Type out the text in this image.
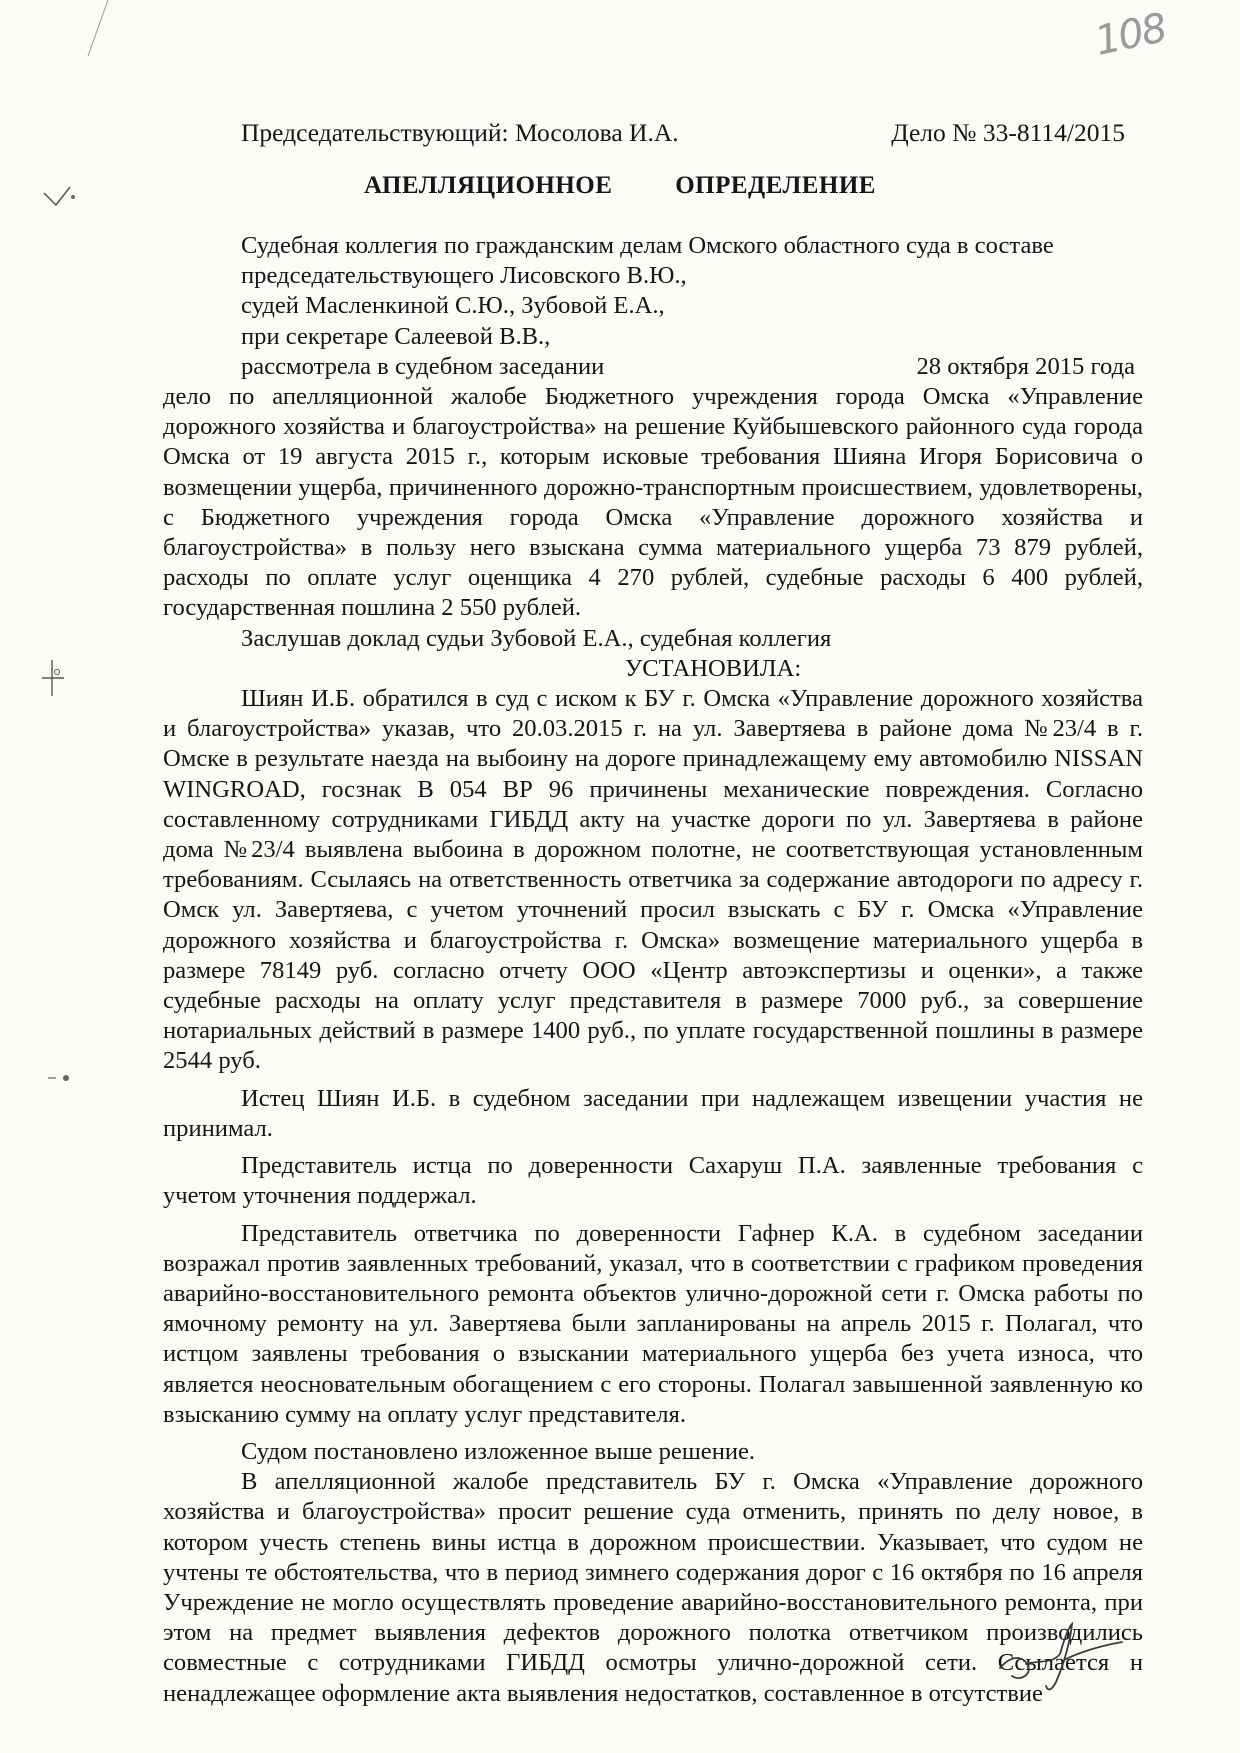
108
Председательствующий: Мосолова И.А.	Дело № 33-8114/2015
АПЕЛЛЯЦИОННОЕ	ОПРЕДЕЛЕНИЕ

Судебная коллегия по гражданским делам Омского областного суда в составе

председательствующего Лисовского В.Ю.,

судей Масленкиной С.Ю., Зубовой Е.А.,

при секретаре Салеевой В.В.,

рассмотрела в судебном заседании	28 октября 2015 года

дело по апелляционной жалобе Бюджетного учреждения города Омска «Управление дорожного хозяйства и благоустройства» на решение Куйбышевского районного суда города Омска от 19 августа 2015 г., которым исковые требования Шияна Игоря Борисовича о возмещении ущерба, причиненного дорожно-транспортным происшествием, удовлетворены, с Бюджетного учреждения города Омска «Управление дорожного хозяйства и благоустройства» в пользу него взыскана сумма материального ущерба 73 879 рублей, расходы по оплате услуг оценщика 4 270 рублей, судебные расходы 6 400 рублей, государственная пошлина 2 550 рублей.

Заслушав доклад судьи Зубовой Е.А., судебная коллегия

УСТАНОВИЛА:

Шиян И.Б. обратился в суд с иском к БУ г. Омска «Управление дорожного хозяйства и благоустройства» указав, что 20.03.2015 г. на ул. Завертяева в районе дома №23/4 в г. Омске в результате наезда на выбоину на дороге принадлежащему ему автомобилю NISSAN WINGROAD, госзнак В 054 ВР 96 причинены механические повреждения. Согласно составленному сотрудниками ГИБДД акту на участке дороги по ул. Завертяева в районе дома №23/4 выявлена выбоина в дорожном полотне, не соответствующая установленным требованиям. Ссылаясь на ответственность ответчика за содержание автодороги по адресу г. Омск ул. Завертяева, с учетом уточнений просил взыскать с БУ г. Омска «Управление дорожного хозяйства и благоустройства г. Омска» возмещение материального ущерба в размере 78149 руб. согласно отчету ООО «Центр автоэкспертизы и оценки», а также судебные расходы на оплату услуг представителя в размере 7000 руб., за совершение нотариальных действий в размере 1400 руб., по уплате государственной пошлины в размере 2544 руб.

Истец Шиян И.Б. в судебном заседании при надлежащем извещении участия не принимал.

Представитель истца по доверенности Сахаруш П.А. заявленные требования с учетом уточнения поддержал.

Представитель ответчика по доверенности Гафнер К.А. в судебном заседании возражал против заявленных требований, указал, что в соответствии с графиком проведения аварийно-восстановительного ремонта объектов улично-дорожной сети г. Омска работы по ямочному ремонту на ул. Завертяева были запланированы на апрель 2015 г. Полагал, что истцом заявлены требования о взыскании материального ущерба без учета износа, что является неосновательным обогащением с его стороны. Полагал завышенной заявленную ко взысканию сумму на оплату услуг представителя.

Судом постановлено изложенное выше решение.

В апелляционной жалобе представитель БУ г. Омска «Управление дорожного хозяйства и благоустройства» просит решение суда отменить, принять по делу новое, в котором учесть степень вины истца в дорожном происшествии. Указывает, что судом не учтены те обстоятельства, что в период зимнего содержания дорог с 16 октября по 16 апреля Учреждение не могло осуществлять проведение аварийно-восстановительного ремонта, при этом на предмет выявления дефектов дорожного полотка ответчиком производились совместные с сотрудниками ГИБДД осмотры улично-дорожной сети. Ссылается н ненадлежащее оформление акта выявления недостатков, составленное в отсутствие
